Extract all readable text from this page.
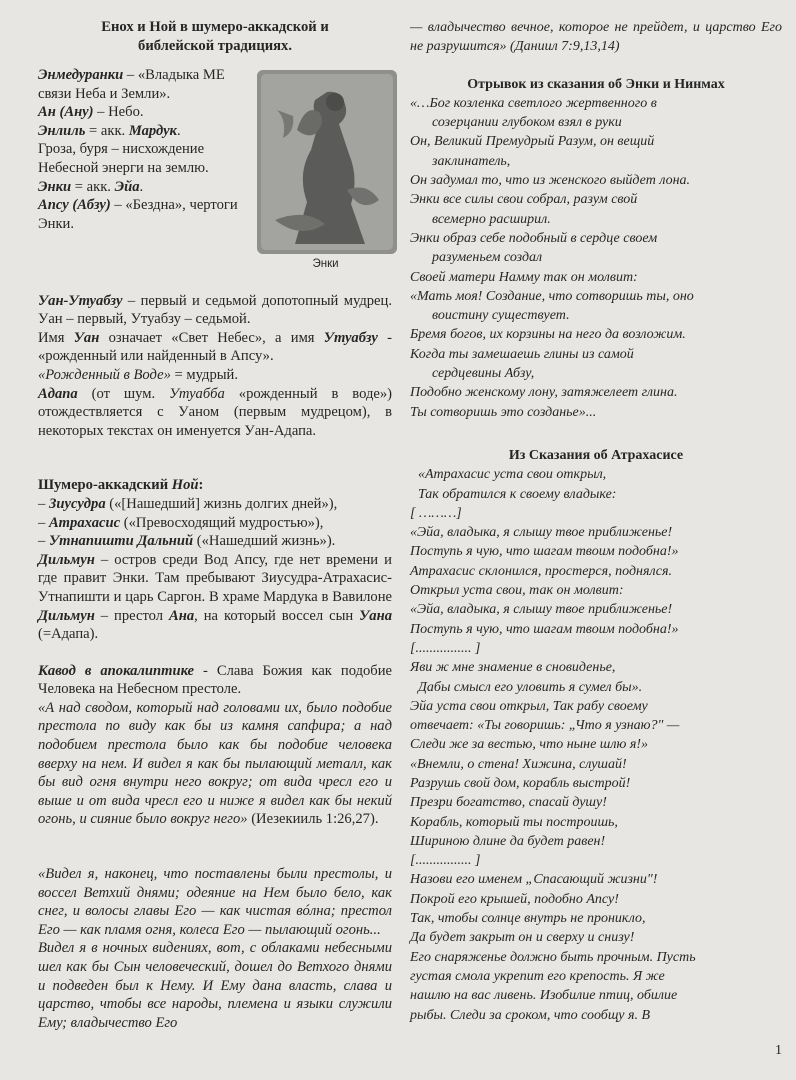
Енох и Ной в шумеро-аккадской и
библейской традициях.
Энки

Энмедуранки – «Владыка МЕ связи Неба и Земли».

Ан (Ану) – Небо.

Энлиль = акк. Мардук.

Гроза, буря – нисхождение Небесной энерги на землю.

Энки = акк. Эйа.

Апсу (Абзу) – «Бездна», чертоги Энки.

Уан-Утуабзу – первый и седьмой допотопный мудрец. Уан – первый, Утуабзу – седьмой.

Имя Уан означает «Свет Небес», а имя Утуабзу - «рожденный или найденный в Апсу».

«Рожденный в Воде» = мудрый.

Адапа (от шум. Утуабба «рожденный в воде») отождествляется с Уаном (первым мудрецом), в некоторых текстах он именуется Уан-Адапа.

Шумеро-аккадский Ной:

– Зиусудра («[Нашедший] жизнь долгих дней»),

– Атрахасис («Превосходящий мудростью»),

– Утнапишти Дальний («Нашедший жизнь»).

Дильмун – остров среди Вод Апсу, где нет времени и где правит Энки. Там пребывают Зиусудра-Атрахасис-Утнапишти и царь Саргон. В храме Мардука в Вавилоне Дильмун – престол Ана, на который воссел сын Уана (=Адапа).

Кавод в апокалиптике - Слава Божия как подобие Человека на Небесном престоле.

«А над сводом, который над головами их, было подобие престола по виду как бы из камня сапфира; а над подобием престола было как бы подобие человека вверху на нем. И видел я как бы пылающий металл, как бы вид огня внутри него вокруг; от вида чресл его и выше и от вида чресл его и ниже я видел как бы некий огонь, и сияние было вокруг него» (Иезекииль 1:26,27).

«Видел я, наконец, что поставлены были престолы, и воссел Ветхий днями; одеяние на Нем было бело, как снег, и волосы главы Его — как чистая вóлна; престол Его — как пламя огня, колеса Его — пылающий огонь...

Видел я в ночных видениях, вот, с облаками небесными шел как бы Сын человеческий, дошел до Ветхого днями и подведен был к Нему. И Ему дана власть, слава и царство, чтобы все народы, племена и языки служили Ему; владычество Его

— владычество вечное, которое не прейдет, и царство Его не разрушится» (Даниил 7:9,13,14)

Отрывок из сказания об Энки и Нинмах
«…Бог козленка светлого жертвенного в
созерцании глубоком взял в руки
Он, Великий Премудрый Разум, он вещий
заклинатель,
Он задумал то, что из женского выйдет лона.
Энки все силы свои собрал, разум свой
всемерно расширил.
Энки образ себе подобный в сердце своем
разуменьем создал
Своей матери Намму так он молвит:
«Мать моя! Создание, что сотворишь ты, оно
воистину существует.
Бремя богов, их корзины на него да возложим.
Когда ты замешаешь глины из самой
сердцевины Абзу,
Подобно женскому лону, затяжелеет глина.
Ты сотворишь это созданье»...
Из Сказания об Атрахасисе
«Атрахасис уста свои открыл,
Так обратился к своему владыке:
[ ………]
«Эйа, владыка, я слышу твое приближенье!
Поступь я чую, что шагам твоим подобна!»
Атрахасис склонился, простерся, поднялся.
Открыл уста свои, так он молвит:
«Эйа, владыка, я слышу твое приближенье!
Поступь я чую, что шагам твоим подобна!»
[................ ]
Яви ж мне знамение в сновиденье,
Дабы смысл его уловить я сумел бы».
Эйа уста свои открыл, Так рабу своему
отвечает: «Ты говоришь: „Что я узнаю?" —
Следи же за вестью, что ныне шлю я!»
«Внемли, о стена! Хижина, слушай!
Разрушь свой дом, корабль выстрой!
Презри богатство, спасай душу!
Корабль, который ты построишь,
Шириною длине да будет равен!
[................ ]
Назови его именем „Спасающий жизни"!
Покрой его крышей, подобно Апсу!
Так, чтобы солнце внутрь не проникло,
Да будет закрыт он и сверху и снизу!
Его снаряженье должно быть прочным. Пусть
густая смола укрепит его крепость. Я же
нашлю на вас ливень. Изобилие птиц, обилие
рыбы. Следи за сроком, что сообщу я. В
1
